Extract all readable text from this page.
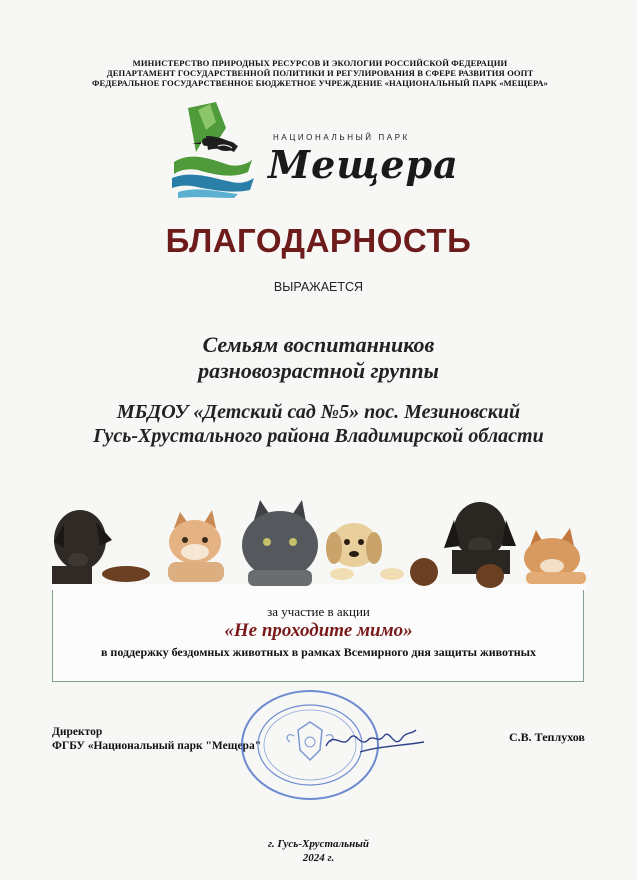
МИНИСТЕРСТВО ПРИРОДНЫХ РЕСУРСОВ И ЭКОЛОГИИ РОССИЙСКОЙ ФЕДЕРАЦИИ
ДЕПАРТАМЕНТ ГОСУДАРСТВЕННОЙ ПОЛИТИКИ И РЕГУЛИРОВАНИЯ В СФЕРЕ РАЗВИТИЯ ООПТ
ФЕДЕРАЛЬНОЕ ГОСУДАРСТВЕННОЕ БЮДЖЕТНОЕ УЧРЕЖДЕНИЕ «НАЦИОНАЛЬНЫЙ ПАРК «МЕЩЕРА»
НАЦИОНАЛЬНЫЙ ПАРК
Мещера
БЛАГОДАРНОСТЬ
ВЫРАЖАЕТСЯ
Семьям воспитанников
разновозрастной группы
МБДОУ «Детский сад №5» пос. Мезиновский
Гусь-Хрустального района Владимирской области
за участие в акции
«Не проходите мимо»
в поддержку бездомных животных в рамках Всемирного дня защиты животных
Директор
ФГБУ «Национальный парк "Мещера"
С.В. Теплухов
г. Гусь-Хрустальный
2024 г.
